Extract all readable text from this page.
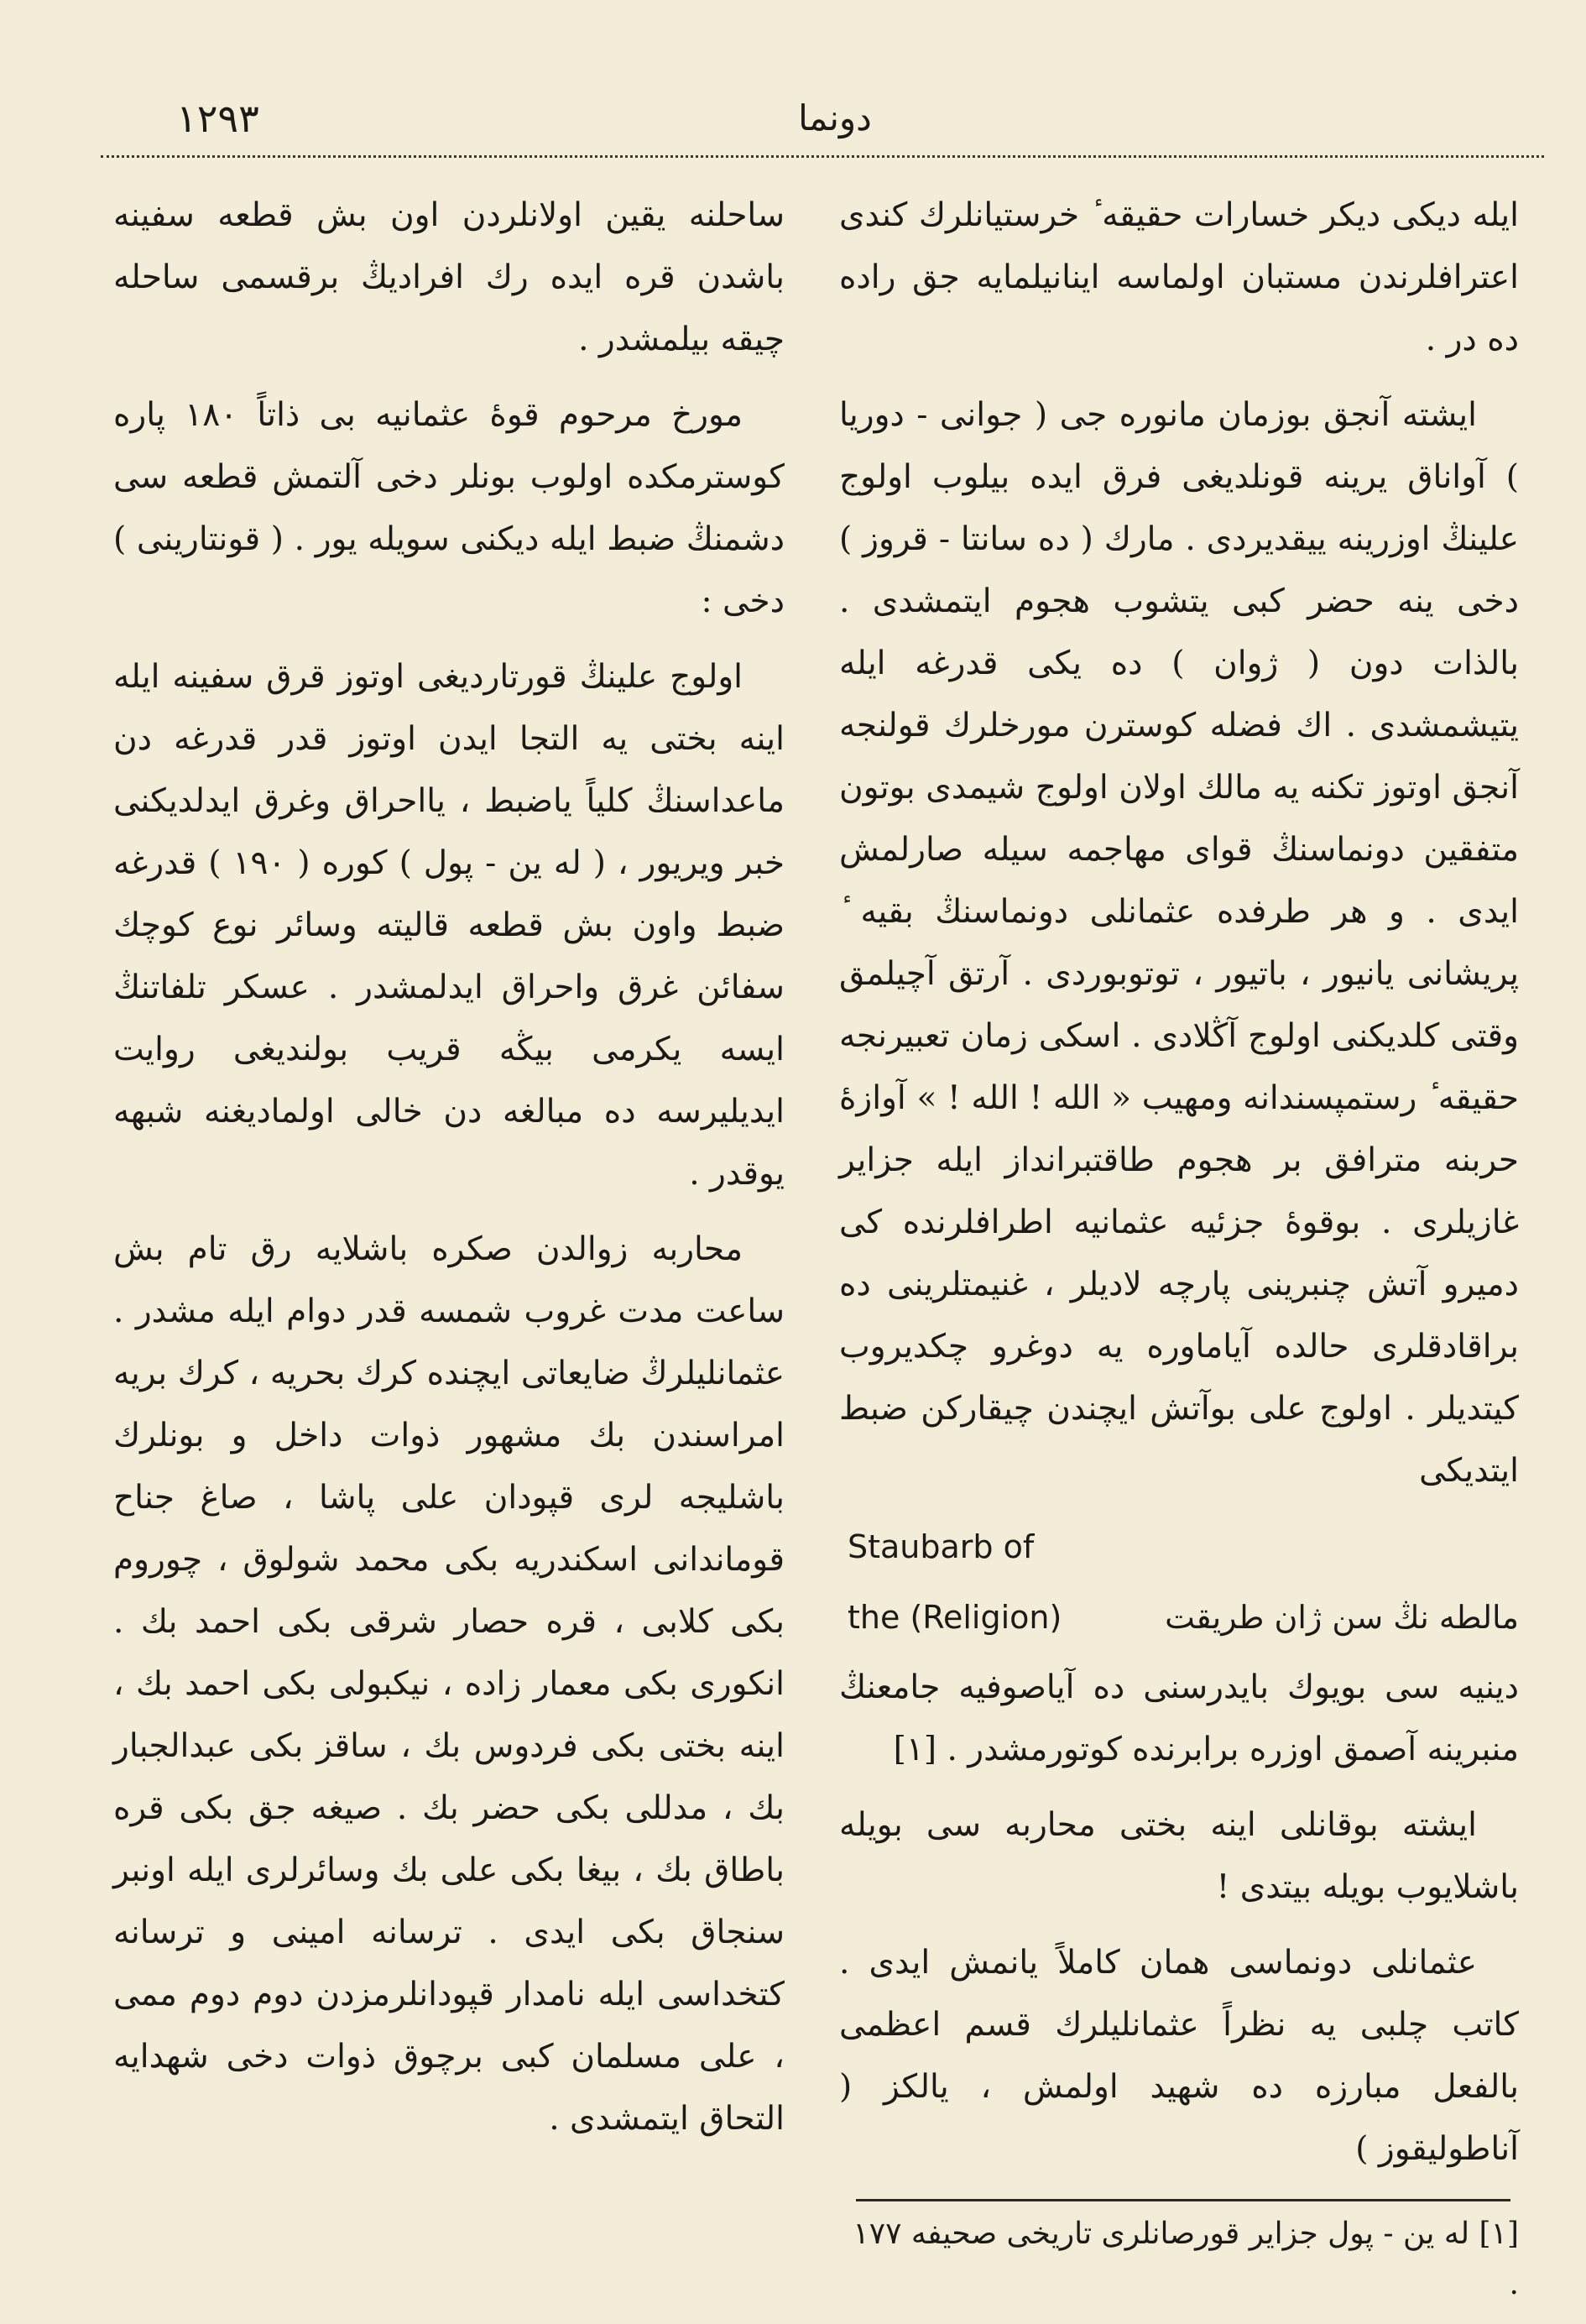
١٢٩٣	دونما

ايله ديكى ديكر خسارات حقيقه ٔ خرستيانلرك كندى اعترافلرندن مستبان اولماسه اينانيلمايه جق راده ده در .

ايشته آنجق بوزمان مانوره جى ( جوانى - دوريا ) آواناق يرينه قونلديغى فرق ايده بيلوب اولوج علينڭ اوزرينه ييقديردى . مارك ( ده سانتا - قروز ) دخى ينه حضر كبى يتشوب هجوم ايتمشدى . بالذات دون ( ژوان ) ده يكى قدرغه ايله يتيشمشدى . اك فضله كوسترن مورخلرك قولنجه آنجق اوتوز تكنه يه مالك اولان اولوج شيمدى بوتون متفقين دونماسنڭ قواى مهاجمه سيله صارلمش ايدى . و هر طرفده عثمانلى دونماسنڭ بقيه ٔ پريشانى يانيور ، باتيور ، توتوبوردى . آرتق آچيلمق وقتى كلديكنى اولوج آڭلادى . اسكى زمان تعبيرنجه حقيقه ٔ رستمپسندانه ومهيب « الله ! الله ! » آوازۀ حربنه مترافق بر هجوم طاقتبرانداز ايله جزاير غازيلرى . بوقوۀ جزئيه عثمانيه اطرافلرنده كى دميرو آتش چنبرينى پارچه لاديلر ، غنيمتلرينى ده براقادقلرى حالده آياماوره يه دوغرو چكديروب كيتديلر . اولوج على بوآتش ايچندن چيقاركن ضبط ايتديكى

Staubarb of
the (Religion)	مالطه نڭ سن ژان طريقت

دينيه سى بويوك بايدرسنى ده آياصوفيه جامعنڭ منبرينه آصمق اوزره برابرنده كوتورمشدر . [١]

ايشته بوقانلى اينه بختى محاربه سى بويله باشلايوب بويله بيتدى !

عثمانلى دونماسى همان كاملاً يانمش ايدى . كاتب چلبى يه نظراً عثمانليلرك قسم اعظمى بالفعل مبارزه ده شهيد اولمش ، يالكز ( آناطوليقوز )

ساحلنه يقين اولانلردن اون بش قطعه سفينه باشدن قره ايده رك افراديڭ برقسمى ساحله چيقه بيلمشدر .

مورخ مرحوم قوۀ عثمانيه بى ذاتاً ١٨٠ پاره كوسترمكده اولوب بونلر دخى آلتمش قطعه سى دشمنڭ ضبط ايله ديكنى سويله يور . ( قونتارينى ) دخى :

اولوج علينڭ قورتارديغى اوتوز قرق سفينه ايله اينه بختى يه التجا ايدن اوتوز قدر قدرغه دن ماعداسنڭ كلياً ياضبط ، يااحراق وغرق ايدلديكنى خبر ويريور ، ( له ين - پول ) كوره ( ١٩٠ ) قدرغه ضبط واون بش قطعه قاليته وسائر نوع كوچك سفائن غرق واحراق ايدلمشدر . عسكر تلفاتنڭ ايسه يكرمى بيڭه قريب بولنديغى روايت ايديليرسه ده مبالغه دن خالى اولماديغنه شبهه يوقدر .

محاربه زوالدن صكره باشلايه رق تام بش ساعت مدت غروب شمسه قدر دوام ايله مشدر . عثمانليلرڭ ضايعاتى ايچنده كرك بحريه ، كرك بريه امراسندن بك مشهور ذوات داخل و بونلرك باشليجه لرى قپودان على پاشا ، صاغ جناح قوماندانى اسكندريه بكى محمد شولوق ، چوروم بكى كلابى ، قره حصار شرقى بكى احمد بك . انكورى بكى معمار زاده ، نيكبولى بكى احمد بك ، اينه بختى بكى فردوس بك ، ساقز بكى عبدالجبار بك ، مدللى بكى حضر بك . صيغه جق بكى قره باطاق بك ، بيغا بكى على بك وسائرلرى ايله اونبر سنجاق بكى ايدى . ترسانه امينى و ترسانه كتخداسى ايله نامدار قپودانلرمزدن دوم دوم ممى ، على مسلمان كبى برچوق ذوات دخى شهدايه التحاق ايتمشدى .

[١] له ين - پول جزاير قورصانلرى تاريخى صحيفه ١٧٧ .
